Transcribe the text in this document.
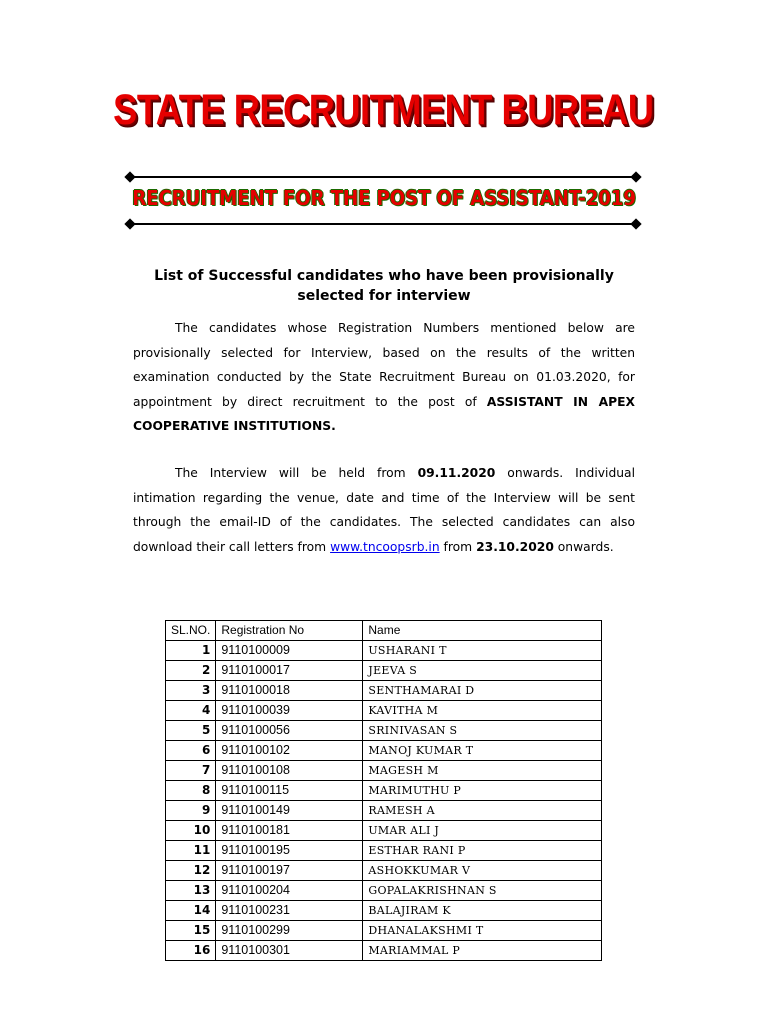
STATE RECRUITMENT BUREAU
RECRUITMENT FOR THE POST OF ASSISTANT-2019
List of Successful candidates who have been provisionally
selected for interview
The candidates whose Registration Numbers mentioned below are provisionally selected for Interview, based on the results of the written examination conducted by the State Recruitment Bureau on 01.03.2020, for appointment by direct recruitment to the post of ASSISTANT IN APEX COOPERATIVE INSTITUTIONS.
The Interview will be held from 09.11.2020 onwards. Individual intimation regarding the venue, date and time of the Interview will be sent through the email-ID of the candidates. The selected candidates can also download their call letters from www.tncoopsrb.in from 23.10.2020 onwards.
SL.NO.	Registration No	Name
1	9110100009	USHARANI T
2	9110100017	JEEVA S
3	9110100018	SENTHAMARAI D
4	9110100039	KAVITHA M
5	9110100056	SRINIVASAN S
6	9110100102	MANOJ KUMAR T
7	9110100108	MAGESH M
8	9110100115	MARIMUTHU P
9	9110100149	RAMESH A
10	9110100181	UMAR ALI J
11	9110100195	ESTHAR RANI P
12	9110100197	ASHOKKUMAR V
13	9110100204	GOPALAKRISHNAN S
14	9110100231	BALAJIRAM K
15	9110100299	DHANALAKSHMI T
16	9110100301	MARIAMMAL P
